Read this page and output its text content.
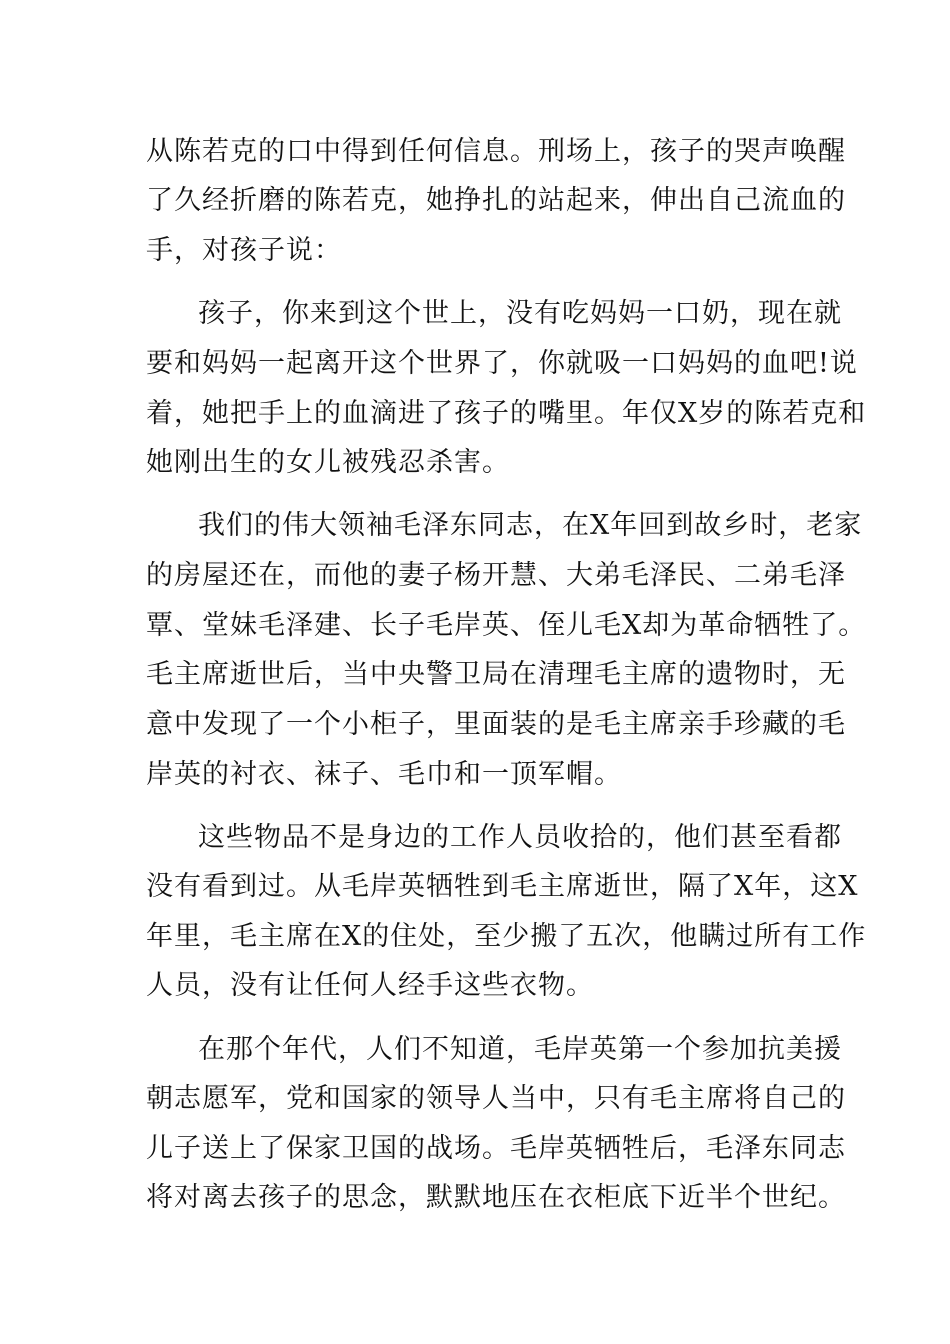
从陈若克的口中得到任何信息。刑场上，孩子的哭声唤醒
了久经折磨的陈若克，她挣扎的站起来，伸出自己流血的
手，对孩子说：
孩子，你来到这个世上，没有吃妈妈一口奶，现在就
要和妈妈一起离开这个世界了，你就吸一口妈妈的血吧!说
着，她把手上的血滴进了孩子的嘴里。年仅X岁的陈若克和
她刚出生的女儿被残忍杀害。
我们的伟大领袖毛泽东同志，在X年回到故乡时，老家
的房屋还在，而他的妻子杨开慧、大弟毛泽民、二弟毛泽
覃、堂妹毛泽建、长子毛岸英、侄儿毛X却为革命牺牲了。
毛主席逝世后，当中央警卫局在清理毛主席的遗物时，无
意中发现了一个小柜子，里面装的是毛主席亲手珍藏的毛
岸英的衬衣、袜子、毛巾和一顶军帽。
这些物品不是身边的工作人员收拾的，他们甚至看都
没有看到过。从毛岸英牺牲到毛主席逝世，隔了X年，这X
年里，毛主席在X的住处，至少搬了五次，他瞒过所有工作
人员，没有让任何人经手这些衣物。
在那个年代，人们不知道，毛岸英第一个参加抗美援
朝志愿军，党和国家的领导人当中，只有毛主席将自己的
儿子送上了保家卫国的战场。毛岸英牺牲后，毛泽东同志
将对离去孩子的思念，默默地压在衣柜底下近半个世纪。
